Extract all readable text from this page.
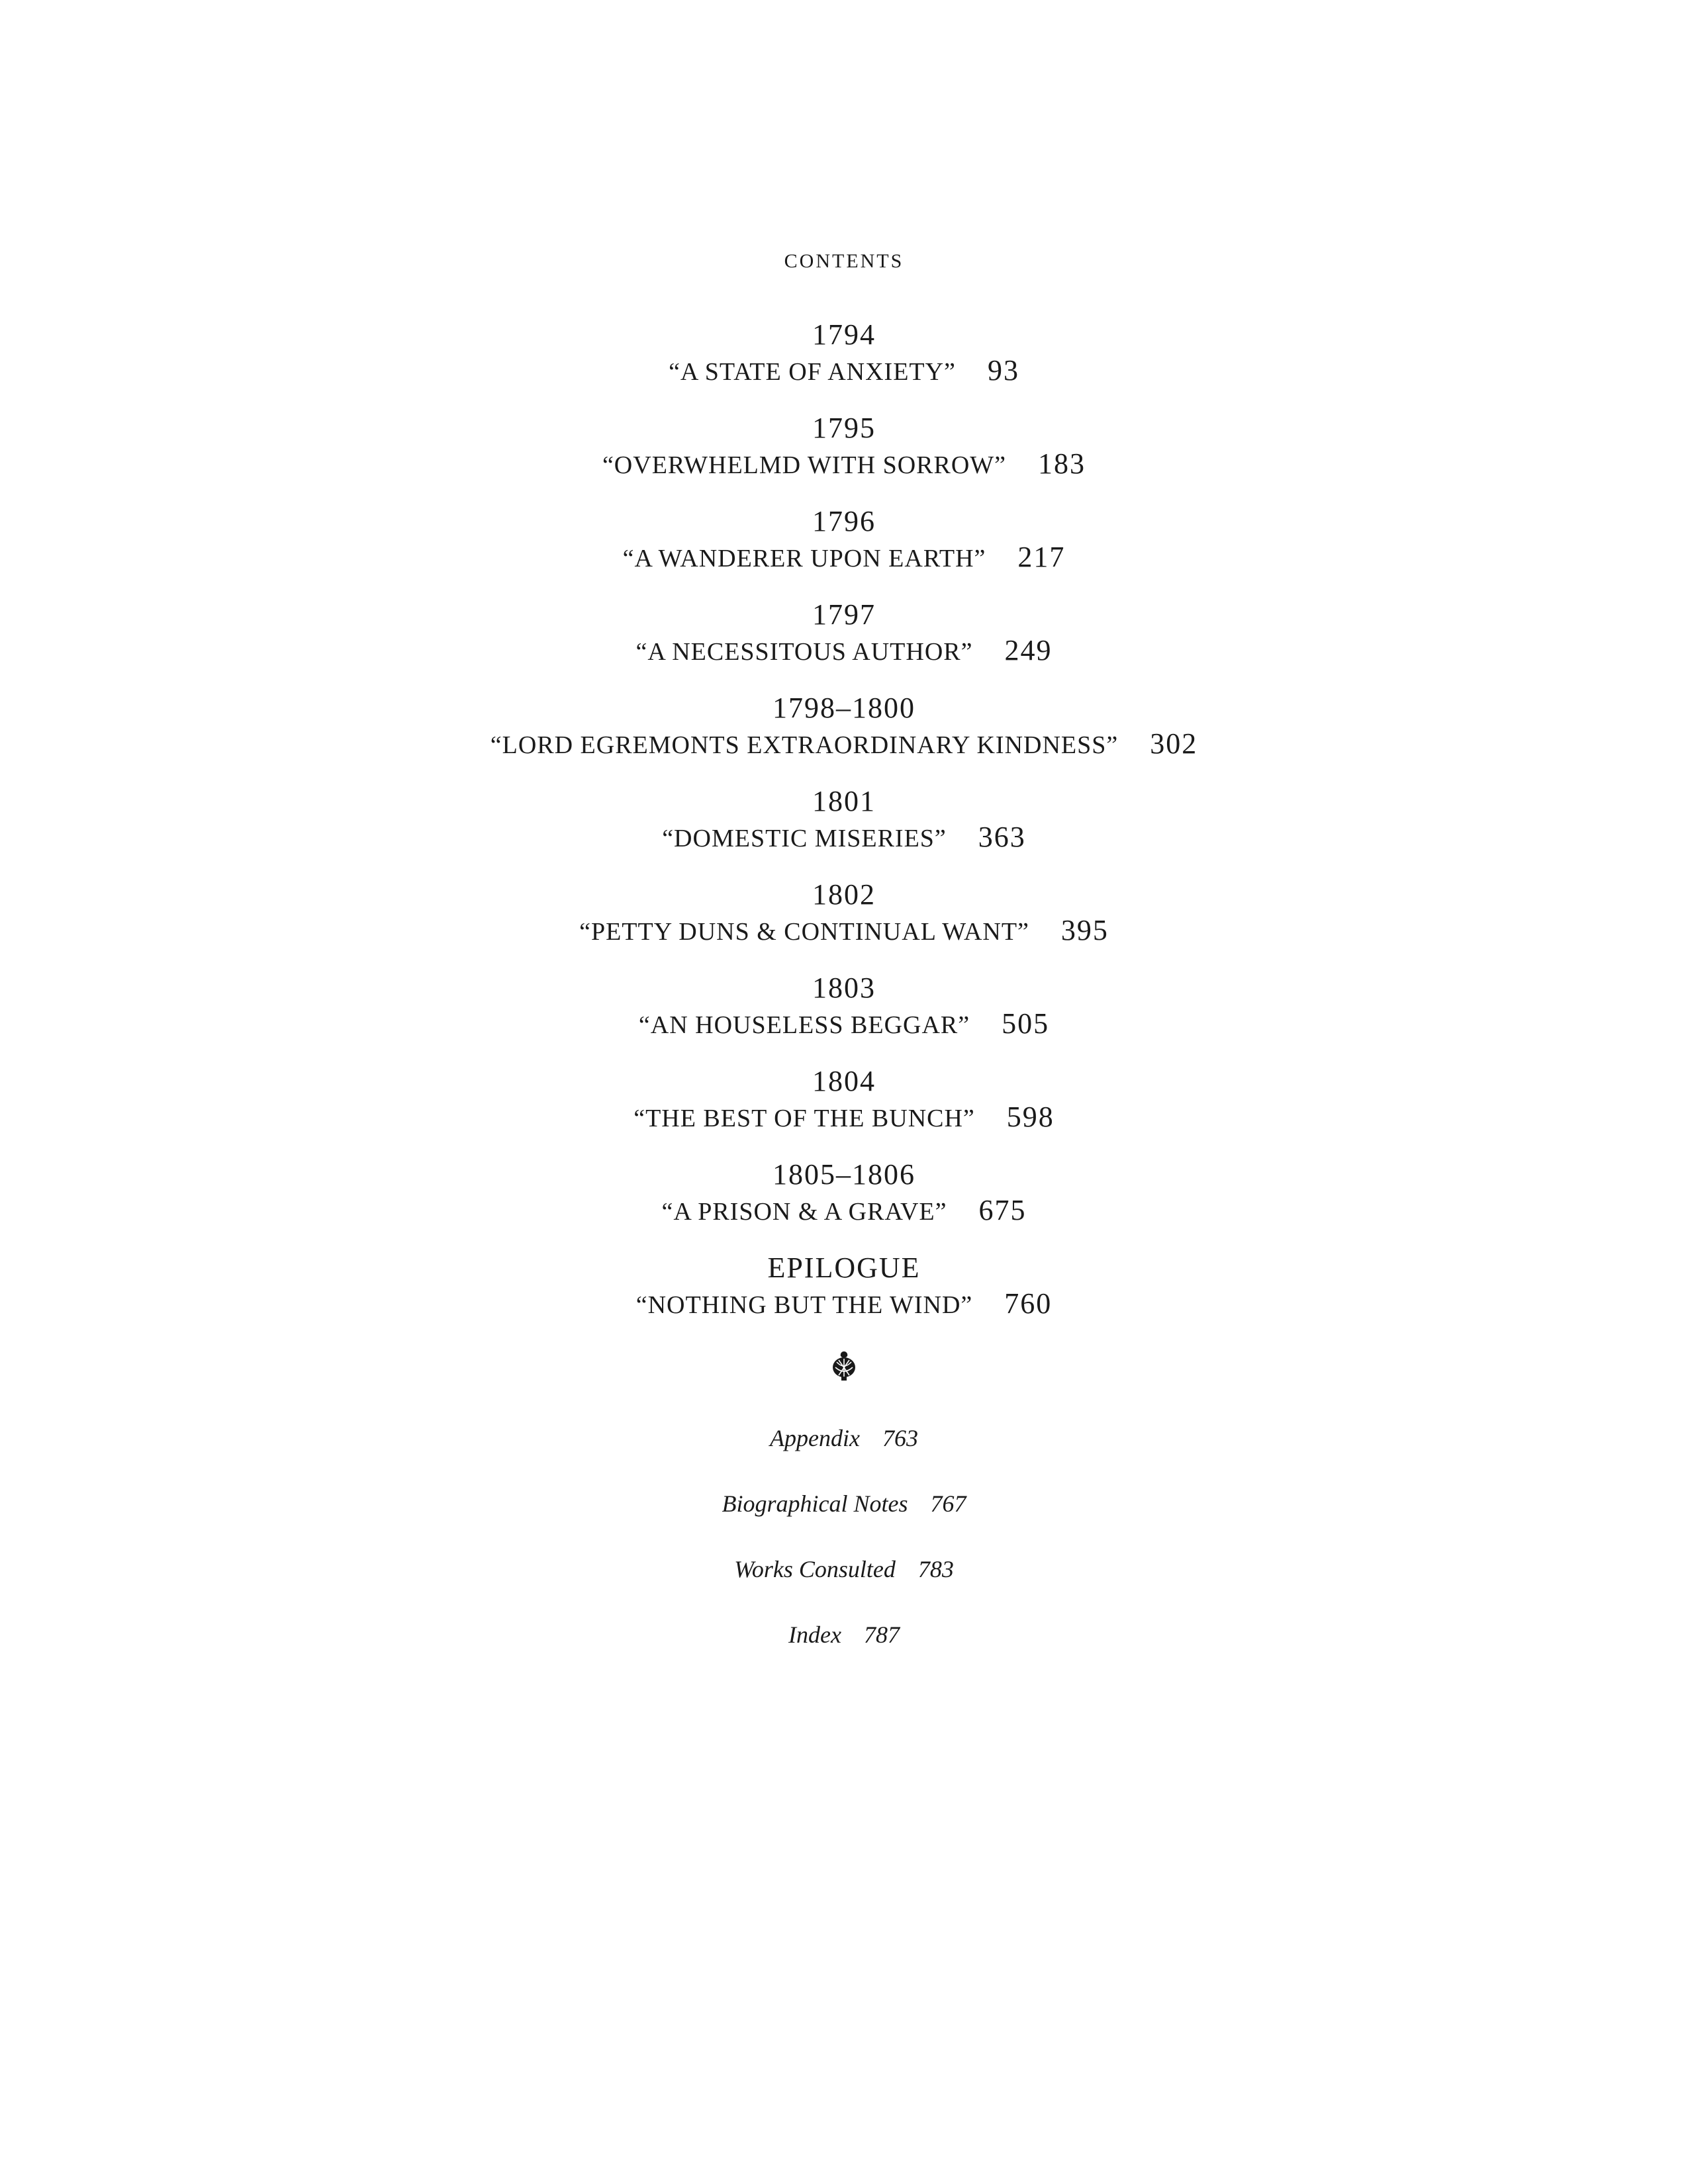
CONTENTS
1794
“A STATE OF ANXIETY” 93
1795
“OVERWHELMD WITH SORROW” 183
1796
“A WANDERER UPON EARTH” 217
1797
“A NECESSITOUS AUTHOR” 249
1798–1800
“LORD EGREMONTS EXTRAORDINARY KINDNESS” 302
1801
“DOMESTIC MISERIES” 363
1802
“PETTY DUNS & CONTINUAL WANT” 395
1803
“AN HOUSELESS BEGGAR” 505
1804
“THE BEST OF THE BUNCH” 598
1805–1806
“A PRISON & A GRAVE” 675
EPILOGUE
“NOTHING BUT THE WIND” 760
Appendix 763
Biographical Notes 767
Works Consulted 783
Index 787
